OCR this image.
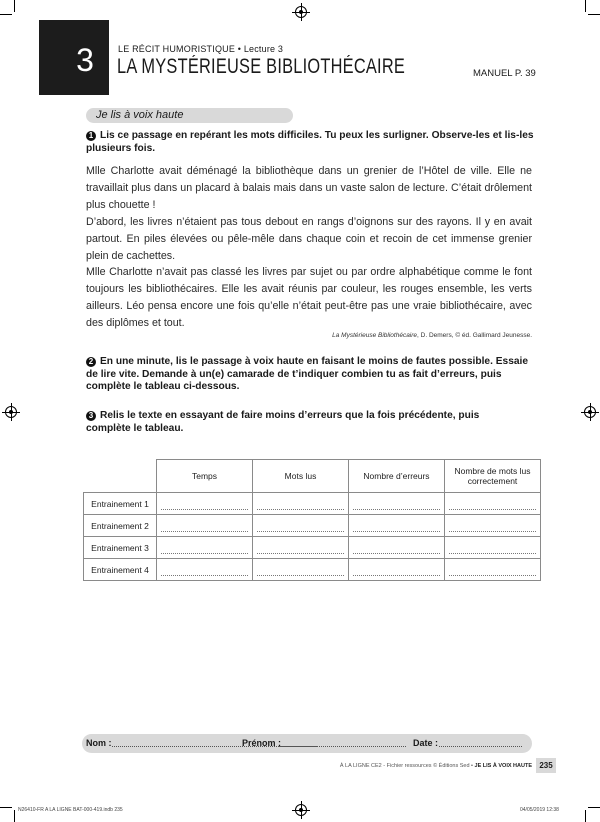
3	LE RÉCIT HUMORISTIQUE • Lecture 3
LA MYSTÉRIEUSE BIBLIOTHÉCAIRE	MANUEL P. 39
Je lis à voix haute
1 Lis ce passage en repérant les mots difficiles. Tu peux les surligner. Observe-les et lis-les plusieurs fois.

Mlle Charlotte avait déménagé la bibliothèque dans un grenier de l’Hôtel de ville. Elle ne travaillait plus dans un placard à balais mais dans un vaste salon de lecture. C’était drôlement plus chouette !

D’abord, les livres n’étaient pas tous debout en rangs d’oignons sur des rayons. Il y en avait partout. En piles élevées ou pêle-mêle dans chaque coin et recoin de cet immense grenier plein de cachettes.

Mlle Charlotte n’avait pas classé les livres par sujet ou par ordre alphabétique comme le font toujours les bibliothécaires. Elle les avait réunis par couleur, les rouges ensemble, les verts ailleurs. Léo pensa encore une fois qu’elle n’était peut-être pas une vraie bibliothécaire, avec des diplômes et tout.

La Mystérieuse Bibliothécaire, D. Demers, © éd. Gallimard Jeunesse.
2 En une minute, lis le passage à voix haute en faisant le moins de fautes possible. Essaie de lire vite. Demande à un(e) camarade de t’indiquer combien tu as fait d’erreurs, puis complète le tableau ci-dessous.
3 Relis le texte en essayant de faire moins d’erreurs que la fois précédente, puis complète le tableau.
	Temps	Mots lus	Nombre d’erreurs	Nombre de mots lus correctement
Entrainement 1				
Entrainement 2				
Entrainement 3				
Entrainement 4				
Nom :	Prénom :	Date :
À LA LIGNE CE2 - Fichier ressources © Éditions Sed • JE LIS À VOIX HAUTE 235
N26410-FR A LA LIGNE BAT-000-419.indb 235	04/05/2019 12:38
